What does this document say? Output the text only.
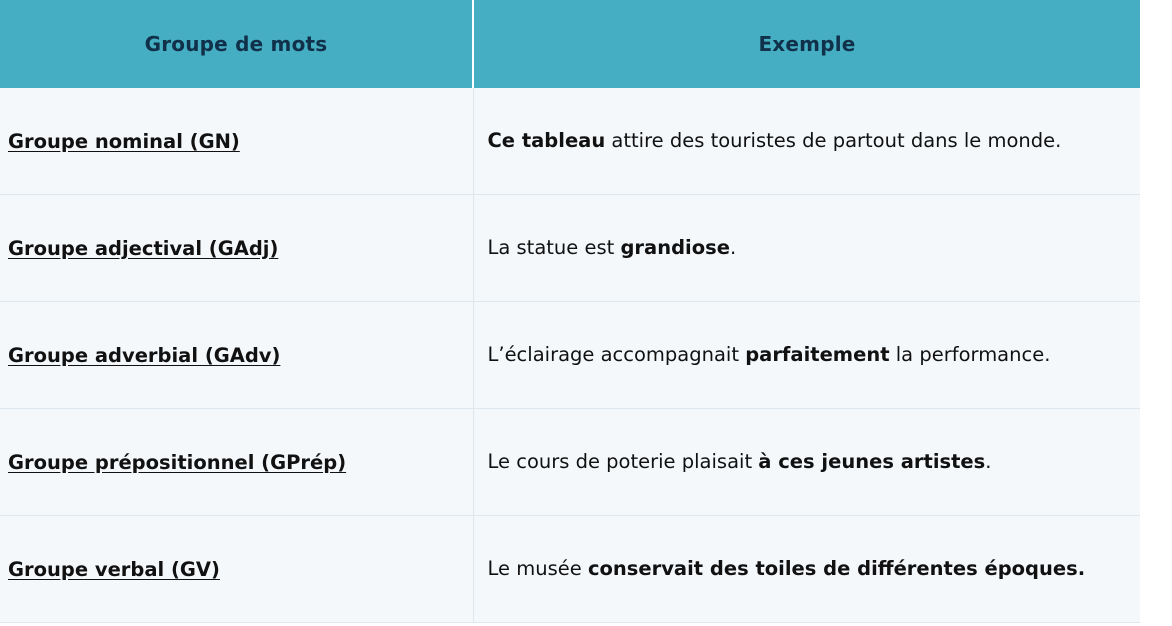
Groupe de mots	Exemple
Groupe nominal (GN)	Ce tableau attire des touristes de partout dans le monde.
Groupe adjectival (GAdj)	La statue est grandiose.
Groupe adverbial (GAdv)	L’éclairage accompagnait parfaitement la performance.
Groupe prépositionnel (GPrép)	Le cours de poterie plaisait à ces jeunes artistes.
Groupe verbal (GV)	Le musée conservait des toiles de différentes époques.
